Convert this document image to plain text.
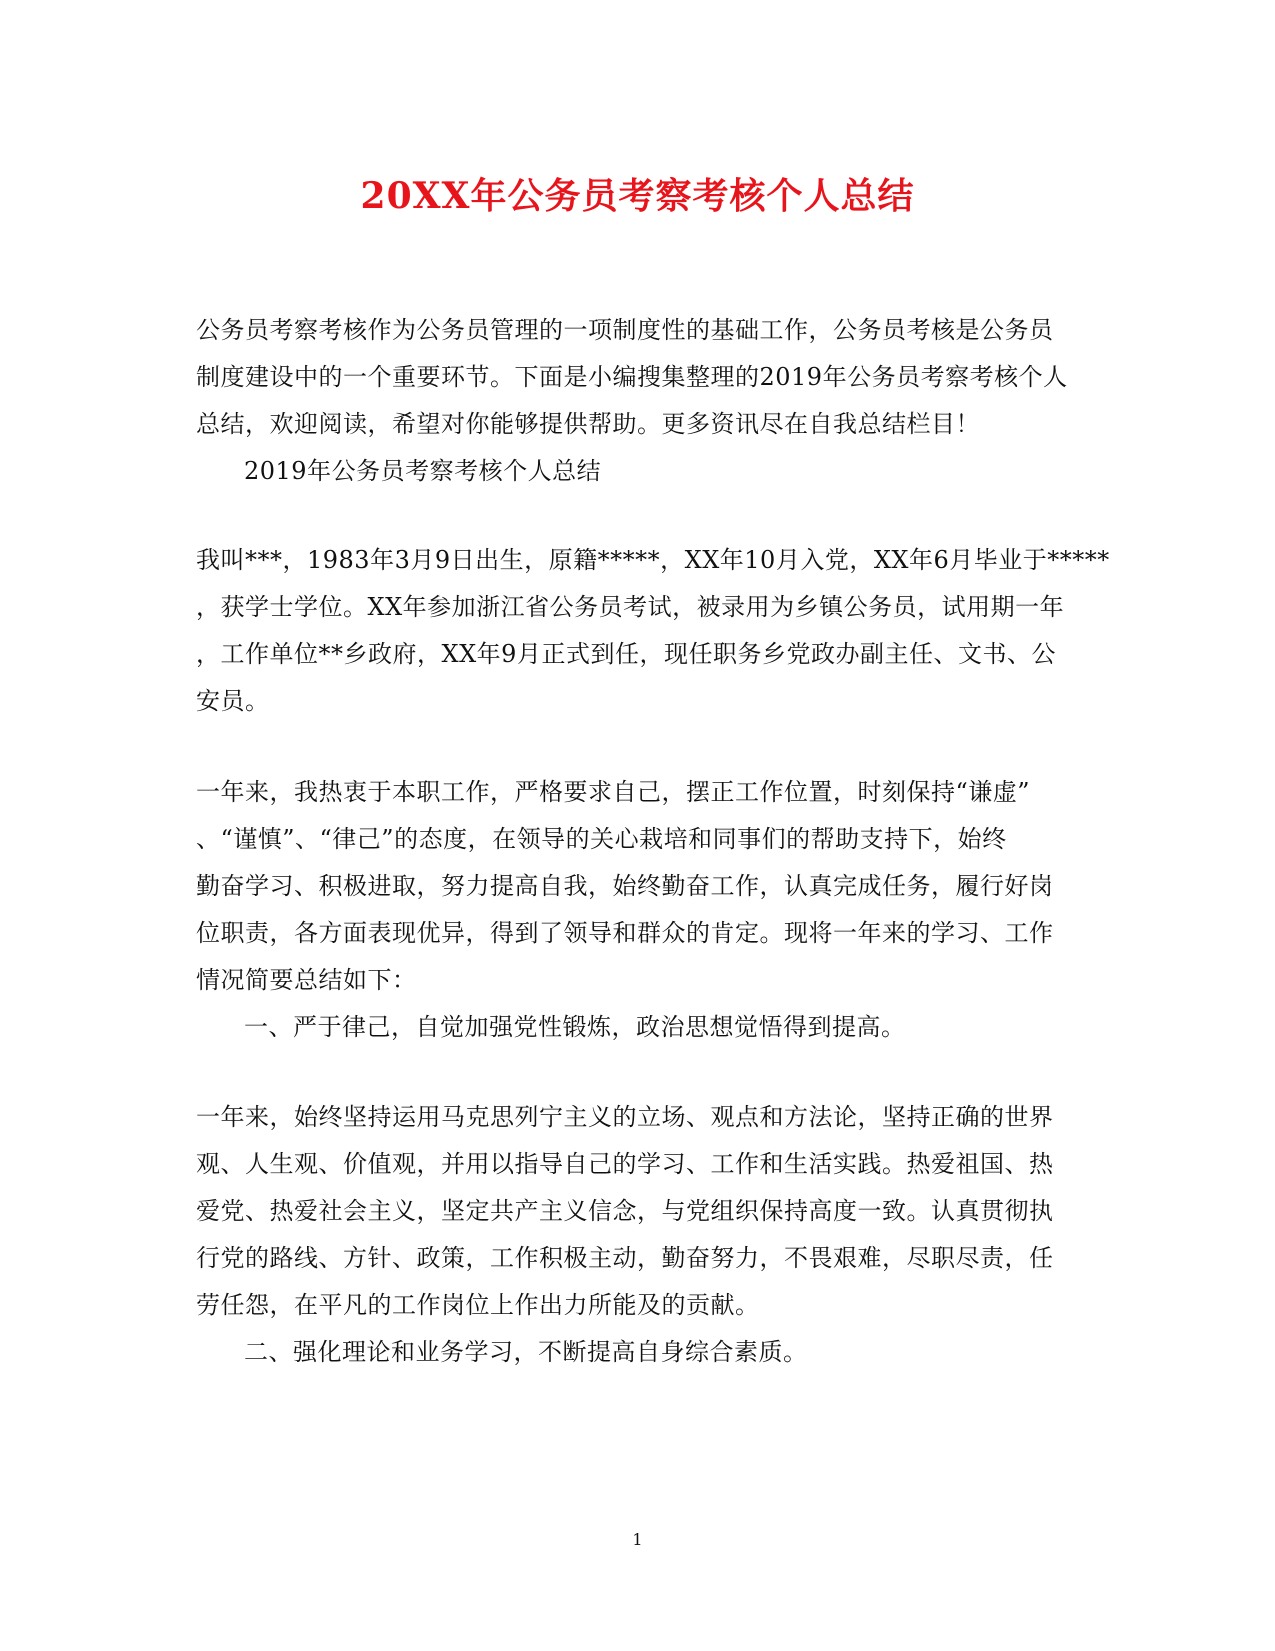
20XX年公务员考察考核个人总结
公务员考察考核作为公务员管理的一项制度性的基础工作，公务员考核是公务员
制度建设中的一个重要环节。下面是小编搜集整理的2019年公务员考察考核个人
总结，欢迎阅读，希望对你能够提供帮助。更多资讯尽在自我总结栏目！
2019年公务员考察考核个人总结
我叫***，1983年3月9日出生，原籍*****，XX年10月入党，XX年6月毕业于*****
，获学士学位。XX年参加浙江省公务员考试，被录用为乡镇公务员，试用期一年
，工作单位**乡政府，XX年9月正式到任，现任职务乡党政办副主任、文书、公
安员。
一年来，我热衷于本职工作，严格要求自己，摆正工作位置，时刻保持“谦虚”
、“谨慎”、“律己”的态度，在领导的关心栽培和同事们的帮助支持下，始终
勤奋学习、积极进取，努力提高自我，始终勤奋工作，认真完成任务，履行好岗
位职责，各方面表现优异，得到了领导和群众的肯定。现将一年来的学习、工作
情况简要总结如下：
一、严于律己，自觉加强党性锻炼，政治思想觉悟得到提高。
一年来，始终坚持运用马克思列宁主义的立场、观点和方法论，坚持正确的世界
观、人生观、价值观，并用以指导自己的学习、工作和生活实践。热爱祖国、热
爱党、热爱社会主义，坚定共产主义信念，与党组织保持高度一致。认真贯彻执
行党的路线、方针、政策，工作积极主动，勤奋努力，不畏艰难，尽职尽责，任
劳任怨，在平凡的工作岗位上作出力所能及的贡献。
二、强化理论和业务学习，不断提高自身综合素质。
1
